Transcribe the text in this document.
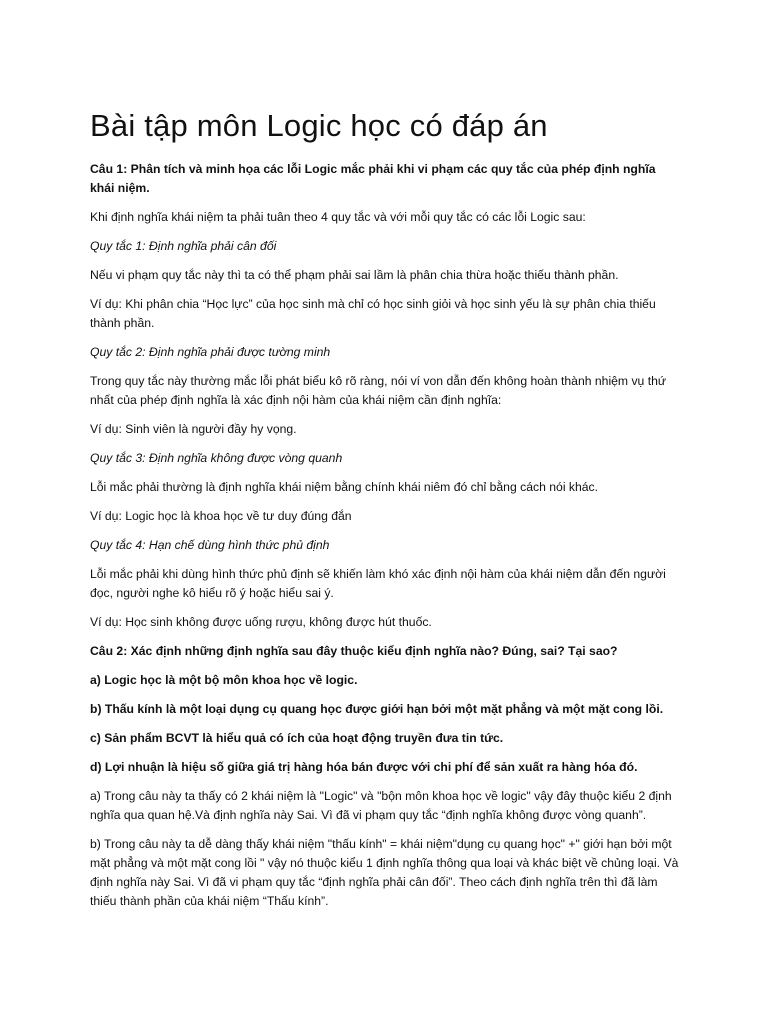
Bài tập môn Logic học có đáp án

Câu 1: Phân tích và minh họa các lỗi Logic mắc phải khi vi phạm các quy tắc của phép định nghĩa khái niệm.

Khi định nghĩa khái niệm ta phải tuân theo 4 quy tắc và với mỗi quy tắc có các lỗi Logic sau:

Quy tắc 1: Định nghĩa phải cân đối

Nếu vi phạm quy tắc này thì ta có thể phạm phải sai lầm là phân chia thừa hoặc thiếu thành phần.

Ví dụ: Khi phân chia “Học lực” của học sinh mà chỉ có học sinh giỏi và học sinh yếu là sự phân chia thiếu thành phần.

Quy tắc 2: Định nghĩa phải được tường minh

Trong quy tắc này thường mắc lỗi phát biểu kô rõ ràng, nói ví von dẫn đến không hoàn thành nhiệm vụ thứ nhất của phép định nghĩa là xác định nội hàm của khái niệm cần định nghĩa:

Ví dụ: Sinh viên là người đầy hy vọng.

Quy tắc 3: Định nghĩa không được vòng quanh

Lỗi mắc phải thường là định nghĩa khái niệm bằng chính khái niêm đó chỉ bằng cách nói khác.

Ví dụ: Logic học là khoa học về tư duy đúng đắn

Quy tắc 4: Hạn chế dùng hình thức phủ định

Lỗi mắc phải khi dùng hình thức phủ định sẽ khiến làm khó xác định nội hàm của khái niệm dẫn đến người đọc, người nghe kô hiểu rõ ý hoặc hiểu sai ý.

Ví dụ: Học sinh không được uống rượu, không được hút thuốc.

Câu 2: Xác định những định nghĩa sau đây thuộc kiểu định nghĩa nào? Đúng, sai? Tại sao?

a) Logic học là một bộ môn khoa học về logic.

b) Thấu kính là một loại dụng cụ quang học được giới hạn bởi một mặt phẳng và một mặt cong lồi.

c) Sản phẩm BCVT là hiểu quả có ích của hoạt động truyền đưa tin tức.

d) Lợi nhuận là hiệu số giữa giá trị hàng hóa bán được với chi phí để sản xuất ra hàng hóa đó.

a) Trong câu này ta thấy có 2 khái niệm là "Logic" và "bộn môn khoa học về logic" vậy đây thuộc kiểu 2 định nghĩa qua quan hệ.Và định nghĩa này Sai. Vì đã vi phạm quy tắc “định nghĩa không được vòng quanh”.

b) Trong câu này ta dễ dàng thấy khái niệm "thấu kính" = khái niệm"dụng cụ quang học" +" giới hạn bởi một mặt phẳng và một mặt cong lồi " vậy nó thuộc kiểu 1 định nghĩa thông qua loại và khác biệt về chủng loại. Và định nghĩa này Sai. Vì đã vi phạm quy tắc “định nghĩa phải cân đối”. Theo cách định nghĩa trên thì đã làm thiếu thành phần của khái niệm “Thấu kính”.
